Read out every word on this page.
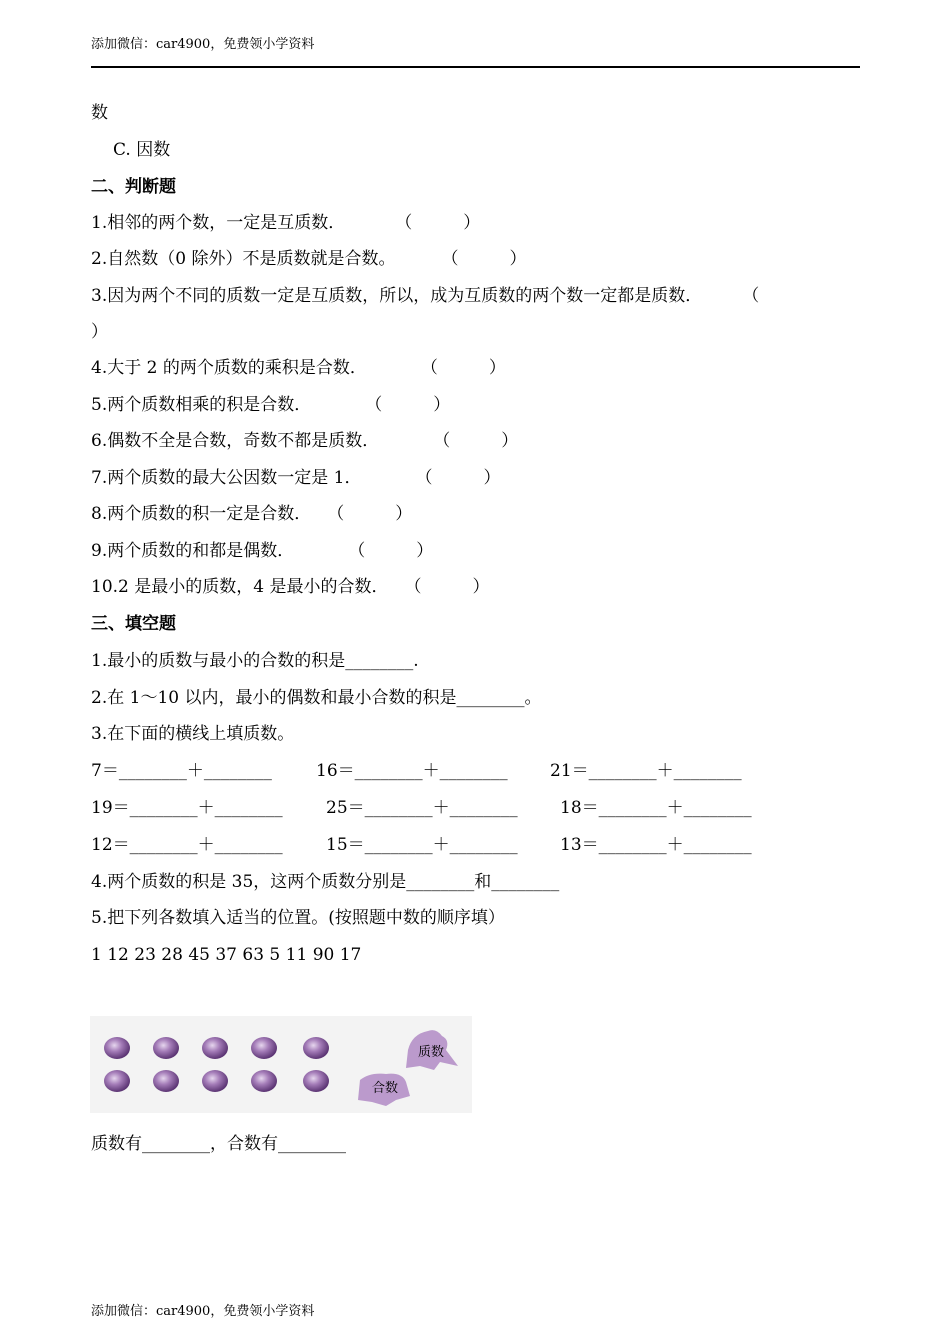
添加微信：car4900，免费领小学资料
数
C. 因数
二、判断题
1.相邻的两个数，一定是互质数．	（　　　）
2.自然数（0 除外）不是质数就是合数。	（　　　）
3.因为两个不同的质数一定是互质数，所以，成为互质数的两个数一定都是质数． （
）
4.大于 2 的两个质数的乘积是合数．	（　　　）
5.两个质数相乘的积是合数．	（　　　）
6.偶数不全是合数，奇数不都是质数．	（　　　）
7.两个质数的最大公因数一定是 1．	（　　　）
8.两个质数的积一定是合数． （　　　）
9.两个质数的和都是偶数．	（　　　）
10.2 是最小的质数，4 是最小的合数． （　　　）
三、填空题
1.最小的质数与最小的合数的积是________.
2.在 1～10 以内，最小的偶数和最小合数的积是________。
3.在下面的横线上填质数。
7＝________＋________	16＝________＋________ 21＝________＋________
19＝________＋________	25＝________＋________ 18＝________＋________
12＝________＋________	15＝________＋________ 13＝________＋________
4.两个质数的积是 35，这两个质数分别是________和________
5.把下列各数填入适当的位置。(按照题中数的顺序填）
1 12 23 28 45 37 63 5 11 90 17
质数
合数
质数有________，合数有________
添加微信：car4900，免费领小学资料
